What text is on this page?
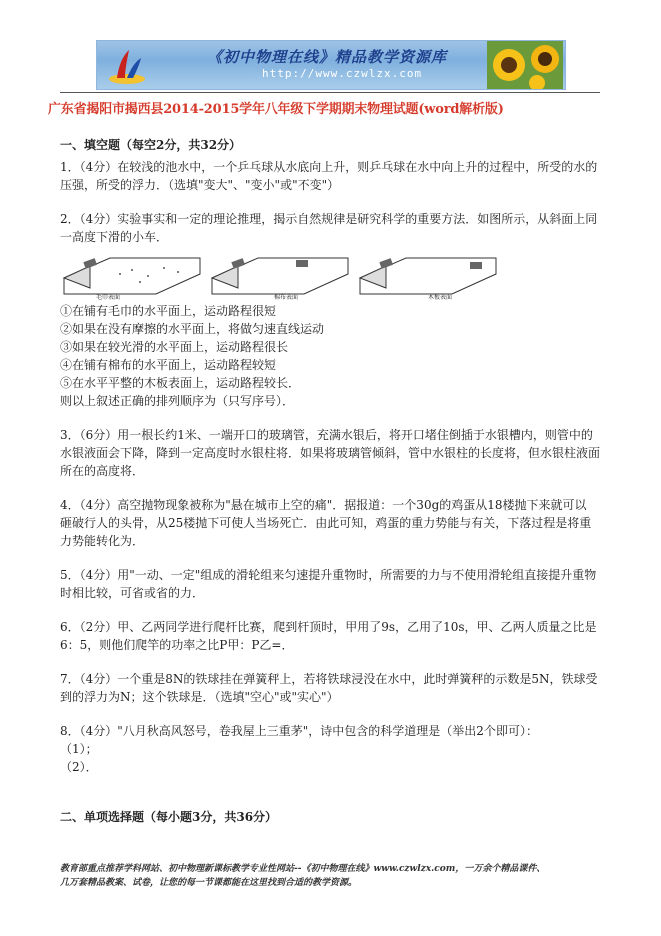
《初中物理在线》精品教学资源库
http://www.czwlzx.com
广东省揭阳市揭西县2014-2015学年八年级下学期期末物理试题(word解析版)

一、填空题（每空2分，共32分）

1．（4分）在较浅的池水中，一个乒乓球从水底向上升，则乒乓球在水中向上升的过程中，所受的水的

压强，所受的浮力．（选填"变大"、"变小"或"不变"）

2．（4分）实验事实和一定的理论推理，揭示自然规律是研究科学的重要方法．如图所示，从斜面上同

一高度下滑的小车．

毛巾表面	棉布表面	木板表面

①在铺有毛巾的水平面上，运动路程很短

②如果在没有摩擦的水平面上，将做匀速直线运动

③如果在较光滑的水平面上，运动路程很长

④在铺有棉布的水平面上，运动路程较短

⑤在水平平整的木板表面上，运动路程较长．

则以上叙述正确的排列顺序为（只写序号）．

3．（6分）用一根长约1米、一端开口的玻璃管，充满水银后，将开口堵住倒插于水银槽内，则管中的

水银液面会下降，降到一定高度时水银柱将．如果将玻璃管倾斜，管中水银柱的长度将，但水银柱液面

所在的高度将．

4．（4分）高空抛物现象被称为"悬在城市上空的痛"．据报道：一个30g的鸡蛋从18楼抛下来就可以

砸破行人的头骨，从25楼抛下可使人当场死亡．由此可知，鸡蛋的重力势能与有关，下落过程是将重

力势能转化为．

5．（4分）用"一动、一定"组成的滑轮组来匀速提升重物时，所需要的力与不使用滑轮组直接提升重物

时相比较，可省或省的力．

6．（2分）甲、乙两同学进行爬杆比赛，爬到杆顶时，甲用了9s，乙用了10s，甲、乙两人质量之比是

6：5，则他们爬竿的功率之比P甲：P乙=．

7．（4分）一个重是8N的铁球挂在弹簧秤上，若将铁球浸没在水中，此时弹簧秤的示数是5N，铁球受

到的浮力为N；这个铁球是．（选填"空心"或"实心"）

8．（4分）"八月秋高风怒号，卷我屋上三重茅"，诗中包含的科学道理是（举出2个即可）：

（1）；

（2）．

二、单项选择题（每小题3分，共36分）

教育部重点推荐学科网站、初中物理新课标教学专业性网站--《初中物理在线》www.czwlzx.com，一万余个精品课件、
几万套精品教案、试卷，让您的每一节课都能在这里找到合适的教学资源。
